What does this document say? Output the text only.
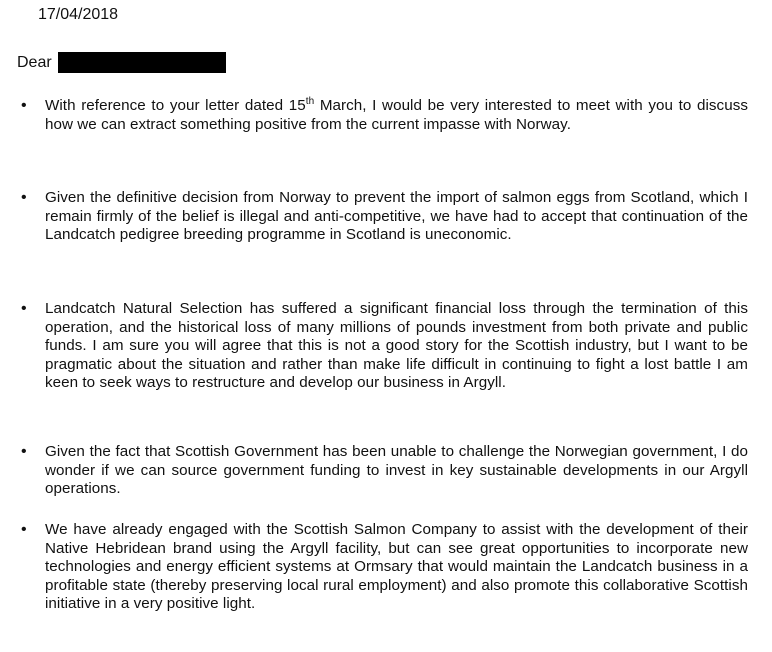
17/04/2018
Dear
•	With reference to your letter dated 15th March, I would be very interested to meet with you to discuss how we can extract something positive from the current impasse with Norway.
•	Given the definitive decision from Norway to prevent the import of salmon eggs from Scotland, which I remain firmly of the belief is illegal and anti-competitive, we have had to accept that continuation of the Landcatch pedigree breeding programme in Scotland is uneconomic.
•	Landcatch Natural Selection has suffered a significant financial loss through the termination of this operation, and the historical loss of many millions of pounds investment from both private and public funds. I am sure you will agree that this is not a good story for the Scottish industry, but I want to be pragmatic about the situation and rather than make life difficult in continuing to fight a lost battle I am keen to seek ways to restructure and develop our business in Argyll.
•	Given the fact that Scottish Government has been unable to challenge the Norwegian government, I do wonder if we can source government funding to invest in key sustainable developments in our Argyll operations.
•	We have already engaged with the Scottish Salmon Company to assist with the development of their Native Hebridean brand using the Argyll facility, but can see great opportunities to incorporate new technologies and energy efficient systems at Ormsary that would maintain the Landcatch business in a profitable state (thereby preserving local rural employment) and also promote this collaborative Scottish initiative in a very positive light.
